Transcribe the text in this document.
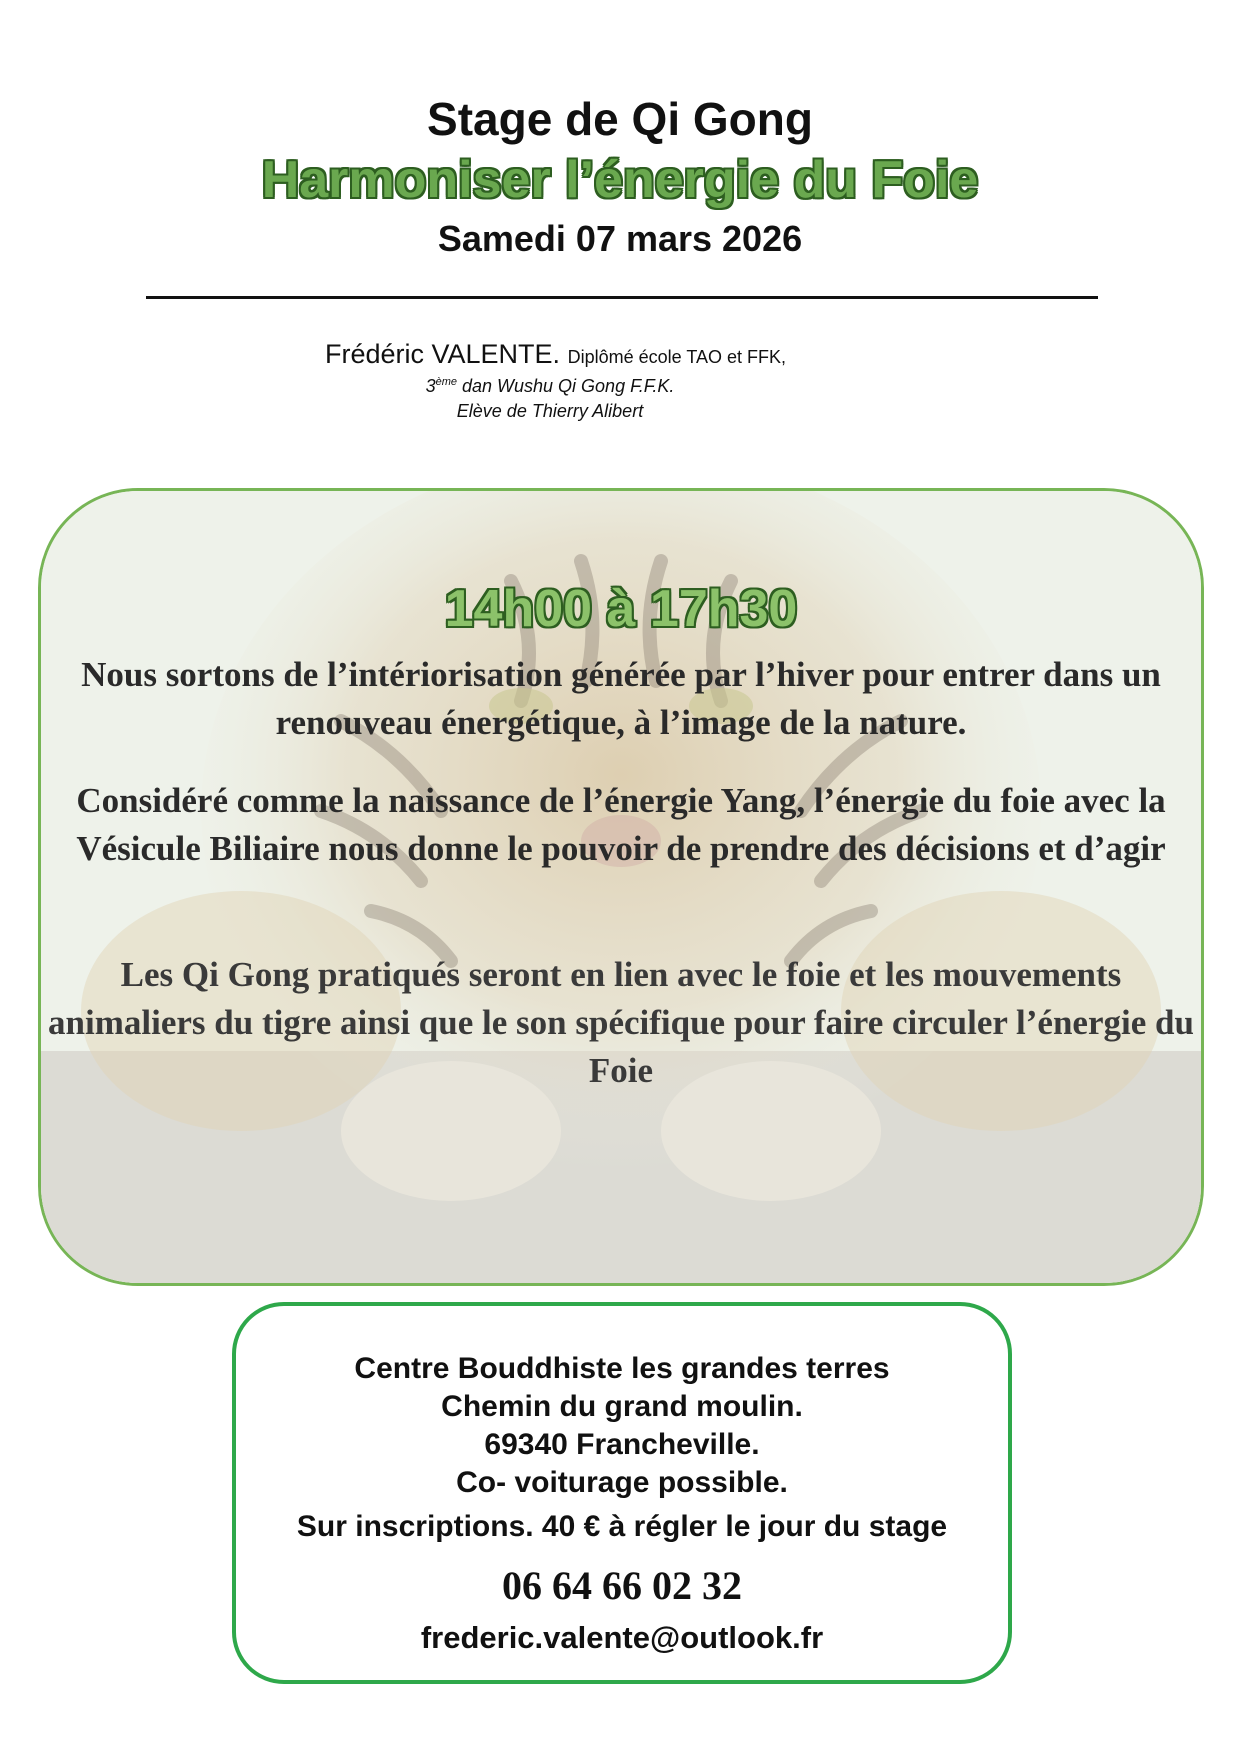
Stage de Qi Gong
Harmoniser l’énergie du Foie
Samedi 07 mars 2026
Frédéric VALENTE. Diplômé école TAO et FFK,
3ème dan Wushu Qi Gong F.F.K.
Elève de Thierry Alibert
14h00 à 17h30
Nous sortons de l’intériorisation générée par l’hiver pour entrer dans un renouveau énergétique, à l’image de la nature.
Considéré comme la naissance de l’énergie Yang, l’énergie du foie avec la Vésicule Biliaire nous donne le pouvoir de prendre des décisions et d’agir
Les Qi Gong pratiqués seront en lien avec le foie et les mouvements animaliers du tigre ainsi que le son spécifique pour faire circuler l’énergie du Foie
Centre Bouddhiste les grandes terres
Chemin du grand moulin.
69340 Francheville.
Co- voiturage possible.
Sur inscriptions. 40 € à régler le jour du stage
06 64 66 02 32
frederic.valente@outlook.fr
